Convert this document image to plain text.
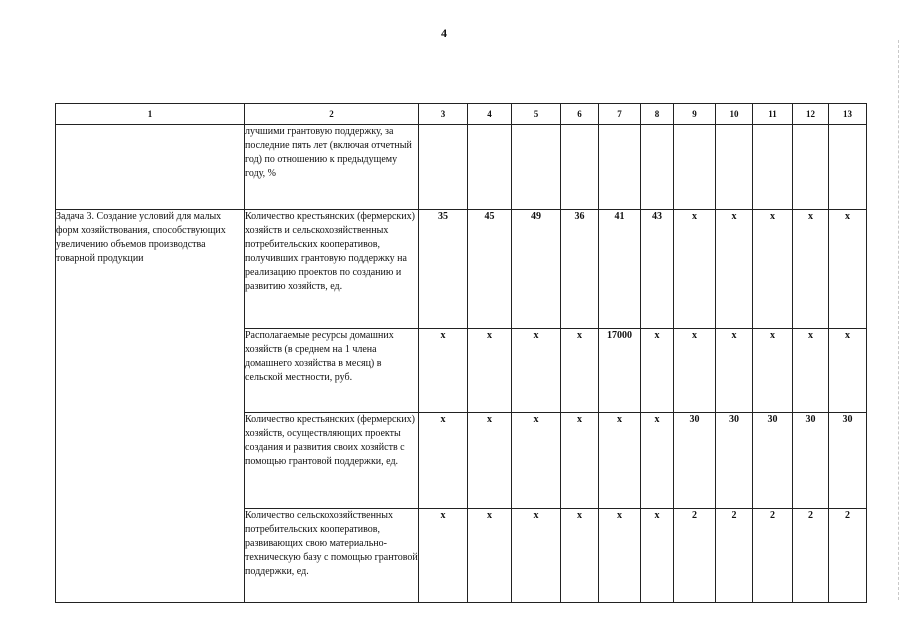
4
1	2	3	4	5	6	7	8	9	10	11	12	13
	лучшими грантовую поддержку, за последние пять лет (включая отчетный год) по отношению к предыдущему году, %											
Задача 3. Создание условий для малых форм хозяйствования, способствующих увеличению объемов производства товарной продукции	Количество крестьянских (фермерских) хозяйств и сельскохозяйственных потребительских кооперативов, получивших грантовую поддержку на реализацию проектов по созданию и развитию хозяйств, ед.	35	45	49	36	41	43	x	x	x	x	x
	Располагаемые ресурсы домашних хозяйств (в среднем на 1 члена домашнего хозяйства в месяц) в сельской местности, руб.	x	x	x	x	17000	x	x	x	x	x	x
	Количество крестьянских (фермерских) хозяйств, осуществляющих проекты создания и развития своих хозяйств с помощью грантовой поддержки, ед.	x	x	x	x	x	x	30	30	30	30	30
	Количество сельскохозяйственных потребительских кооперативов, развивающих свою материально-техническую базу с помощью грантовой поддержки, ед.	x	x	x	x	x	x	2	2	2	2	2
